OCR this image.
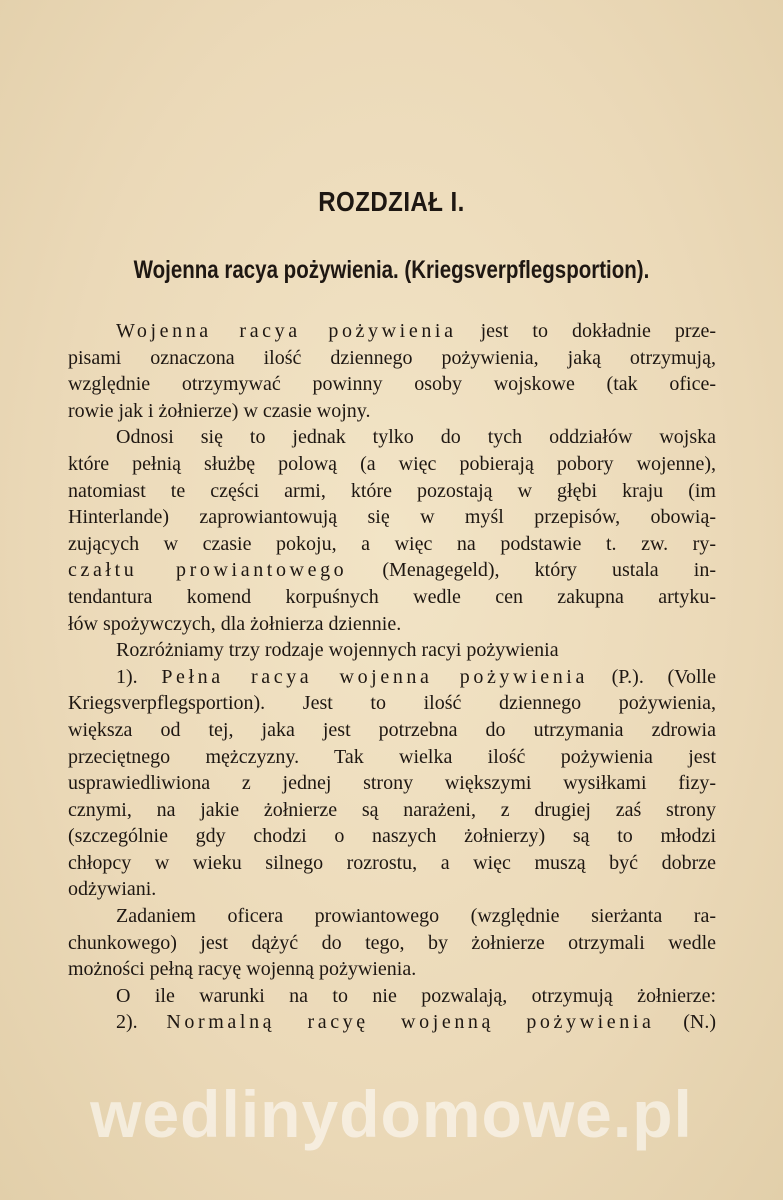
ROZDZIAŁ I.
Wojenna racya pożywienia. (Kriegsverpflegsportion).
Wojenna racya pożywienia jest to dokładnie prze-
pisami oznaczona ilość dziennego pożywienia, jaką otrzymują,
względnie otrzymywać powinny osoby wojskowe (tak ofice-
rowie jak i żołnierze) w czasie wojny.
Odnosi się to jednak tylko do tych oddziałów wojska
które pełnią służbę polową (a więc pobierają pobory wojenne),
natomiast te części armi, które pozostają w głębi kraju (im
Hinterlande) zaprowiantowują się w myśl przepisów, obowią-
zujących w czasie pokoju, a więc na podstawie t. zw. ry-
czałtu prowiantowego (Menagegeld), który ustala in-
tendantura komend korpuśnych wedle cen zakupna artyku-
łów spożywczych, dla żołnierza dziennie.
Rozróżniamy trzy rodzaje wojennych racyi pożywienia
1). Pełna racya wojenna pożywienia (P.). (Volle
Kriegsverpflegsportion). Jest to ilość dziennego pożywienia,
większa od tej, jaka jest potrzebna do utrzymania zdrowia
przeciętnego mężczyzny. Tak wielka ilość pożywienia jest
usprawiedliwiona z jednej strony większymi wysiłkami fizy-
cznymi, na jakie żołnierze są narażeni, z drugiej zaś strony
(szczególnie gdy chodzi o naszych żołnierzy) są to młodzi
chłopcy w wieku silnego rozrostu, a więc muszą być dobrze
odżywiani.
Zadaniem oficera prowiantowego (względnie sierżanta ra-
chunkowego) jest dążyć do tego, by żołnierze otrzymali wedle
możności pełną racyę wojenną pożywienia.
O ile warunki na to nie pozwalają, otrzymują żołnierze:
2). Normalną racyę wojenną pożywienia (N.)
wedlinydomowe.pl
